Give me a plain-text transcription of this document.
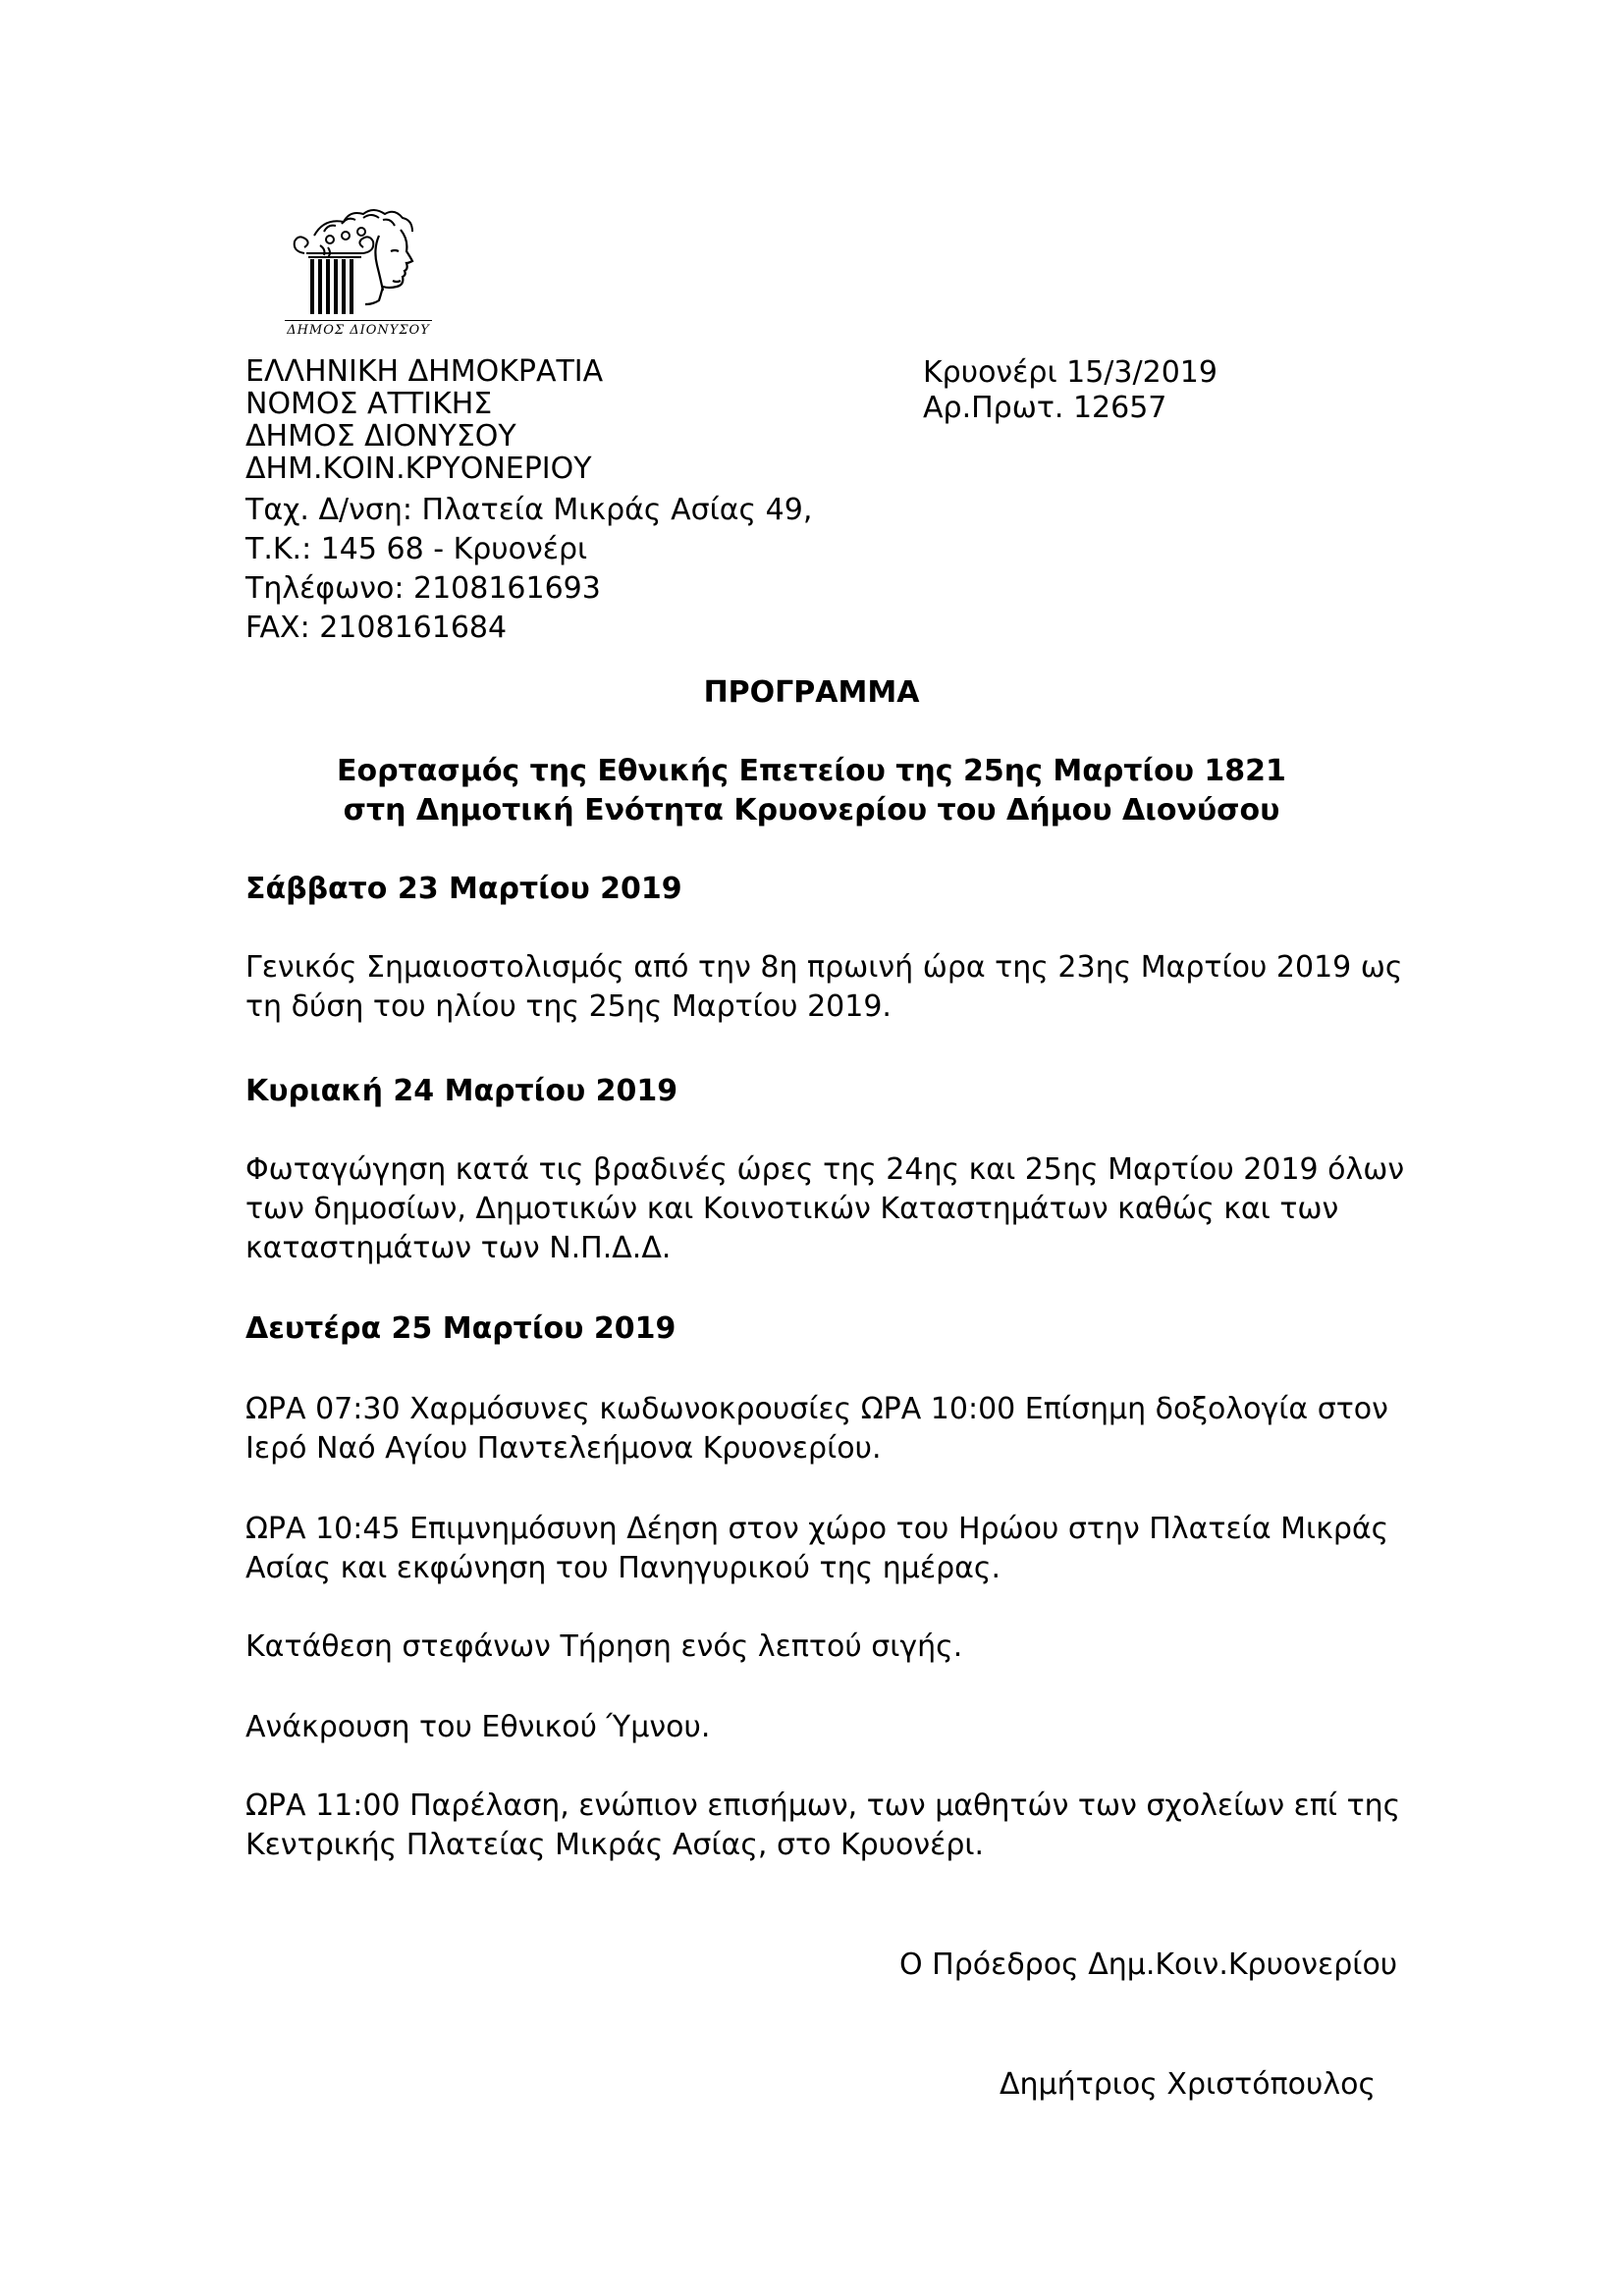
ΔΗΜΟΣ ΔΙΟΝΥΣΟΥ
ΕΛΛΗΝΙΚΗ ΔΗΜΟΚΡΑΤΙΑ
ΝΟΜΟΣ ΑΤΤΙΚΗΣ
ΔΗΜΟΣ ΔΙΟΝΥΣΟΥ
ΔΗΜ.ΚΟΙΝ.ΚΡΥΟΝΕΡΙΟΥ
Ταχ. Δ/νση: Πλατεία Μικράς Ασίας 49,
Τ.Κ.: 145 68 - Κρυονέρι
Τηλέφωνο: 2108161693
FAX: 2108161684
Κρυονέρι 15/3/2019
Αρ.Πρωτ. 12657
ΠΡΟΓΡΑΜΜΑ
Εορτασμός της Εθνικής Επετείου της 25ης Μαρτίου 1821
στη Δημοτική Ενότητα Κρυονερίου του Δήμου Διονύσου
Σάββατο 23 Μαρτίου 2019
Γενικός Σημαιοστολισμός από την 8η πρωινή ώρα της 23ης Μαρτίου 2019 ως
τη δύση του ηλίου της 25ης Μαρτίου 2019.
Κυριακή 24 Μαρτίου 2019
Φωταγώγηση κατά τις βραδινές ώρες της 24ης και 25ης Μαρτίου 2019 όλων
των δημοσίων, Δημοτικών και Κοινοτικών Καταστημάτων καθώς και των
καταστημάτων των Ν.Π.Δ.Δ.
Δευτέρα 25 Μαρτίου 2019
ΩΡΑ 07:30 Χαρμόσυνες κωδωνοκρουσίες ΩΡΑ 10:00 Επίσημη δοξολογία στον
Ιερό Ναό Αγίου Παντελεήμονα Κρυονερίου.
ΩΡΑ 10:45 Επιμνημόσυνη Δέηση στον χώρο του Ηρώου στην Πλατεία Μικράς
Ασίας και εκφώνηση του Πανηγυρικού της ημέρας.
Κατάθεση στεφάνων Τήρηση ενός λεπτού σιγής.
Ανάκρουση του Εθνικού Ύμνου.
ΩΡΑ 11:00 Παρέλαση, ενώπιον επισήμων, των μαθητών των σχολείων επί της
Κεντρικής Πλατείας Μικράς Ασίας, στο Κρυονέρι.
Ο Πρόεδρος Δημ.Κοιν.Κρυονερίου
Δημήτριος Χριστόπουλος
